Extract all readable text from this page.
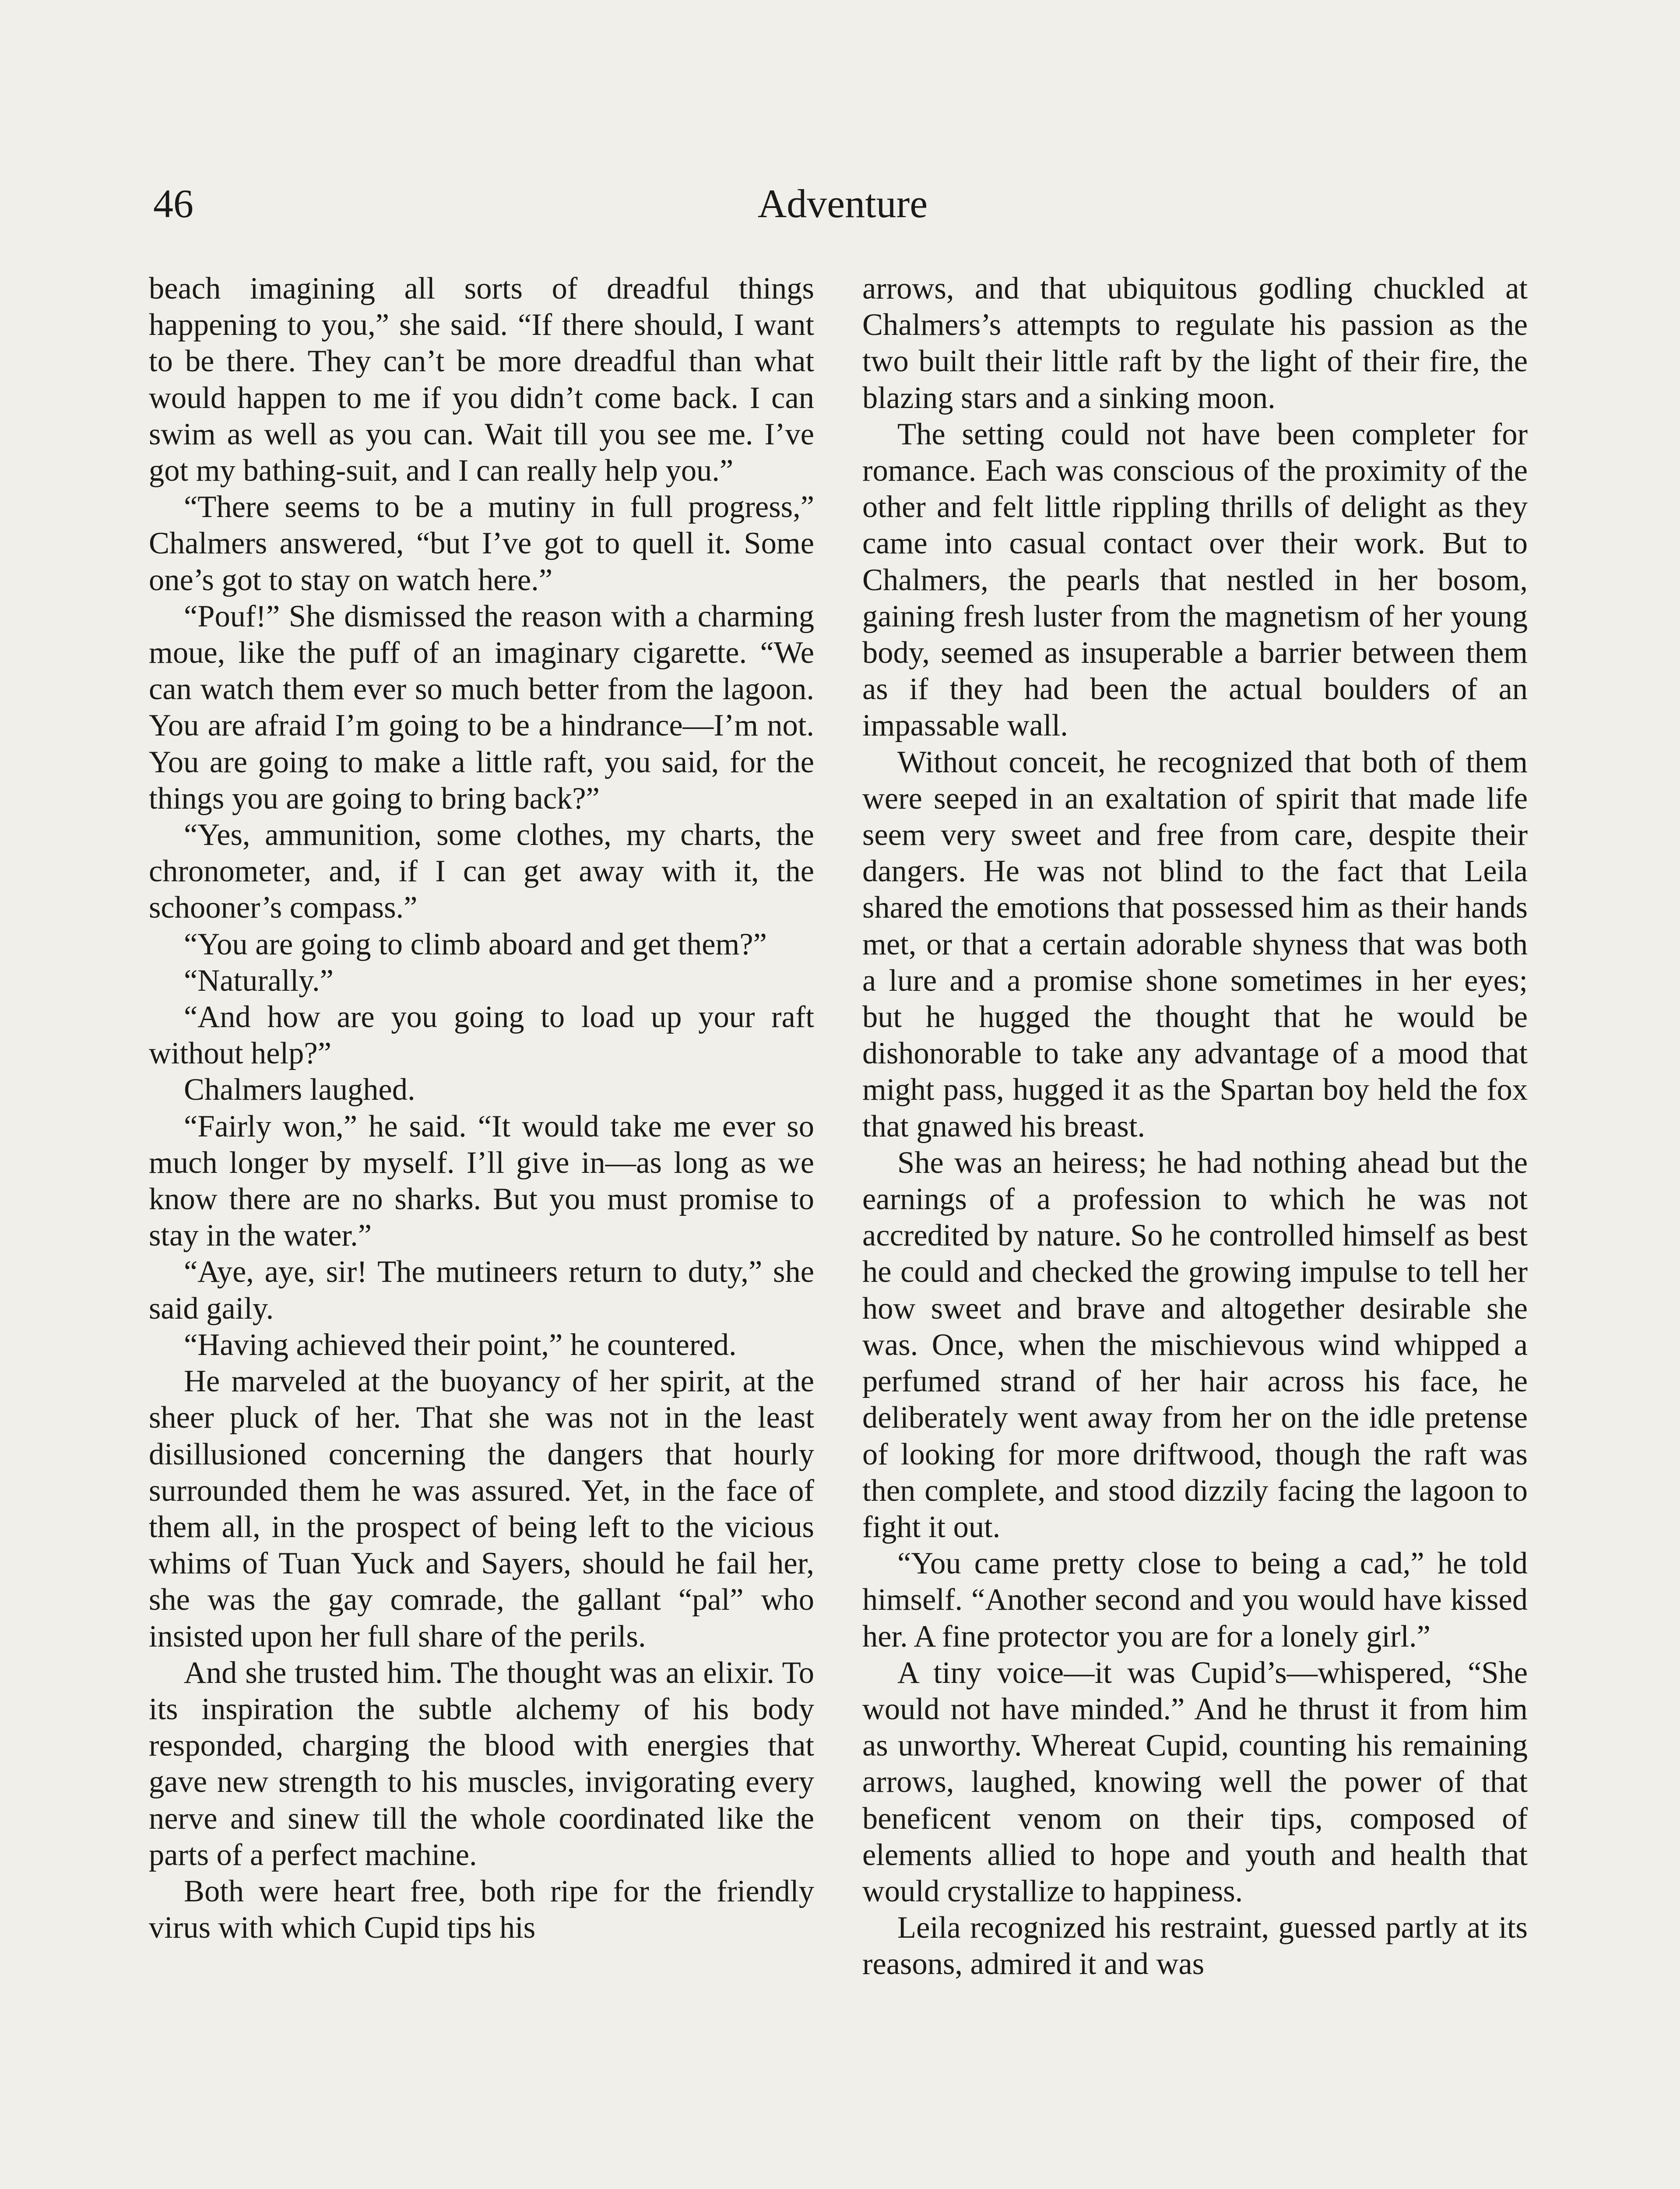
46	Adventure

beach imagining all sorts of dreadful things happening to you,” she said. “If there should, I want to be there. They can’t be more dreadful than what would happen to me if you didn’t come back. I can swim as well as you can. Wait till you see me. I’ve got my bathing-suit, and I can really help you.”

“There seems to be a mutiny in full progress,” Chalmers answered, “but I’ve got to quell it. Some one’s got to stay on watch here.”

“Pouf!” She dismissed the reason with a charming moue, like the puff of an imaginary cigarette. “We can watch them ever so much better from the lagoon. You are afraid I’m going to be a hindrance—I’m not. You are going to make a little raft, you said, for the things you are going to bring back?”

“Yes, ammunition, some clothes, my charts, the chronometer, and, if I can get away with it, the schooner’s compass.”

“You are going to climb aboard and get them?”

“Naturally.”

“And how are you going to load up your raft without help?”

Chalmers laughed.

“Fairly won,” he said. “It would take me ever so much longer by myself. I’ll give in—as long as we know there are no sharks. But you must promise to stay in the water.”

“Aye, aye, sir! The mutineers return to duty,” she said gaily.

“Having achieved their point,” he countered.

He marveled at the buoyancy of her spirit, at the sheer pluck of her. That she was not in the least disillusioned concerning the dangers that hourly surrounded them he was assured. Yet, in the face of them all, in the prospect of being left to the vicious whims of Tuan Yuck and Sayers, should he fail her, she was the gay comrade, the gallant “pal” who insisted upon her full share of the perils.

And she trusted him. The thought was an elixir. To its inspiration the subtle alchemy of his body responded, charging the blood with energies that gave new strength to his muscles, invigorating every nerve and sinew till the whole coordinated like the parts of a perfect machine.

Both were heart free, both ripe for the friendly virus with which Cupid tips his

arrows, and that ubiquitous godling chuckled at Chalmers’s attempts to regulate his passion as the two built their little raft by the light of their fire, the blazing stars and a sinking moon.

The setting could not have been completer for romance. Each was conscious of the proximity of the other and felt little rippling thrills of delight as they came into casual contact over their work. But to Chalmers, the pearls that nestled in her bosom, gaining fresh luster from the magnetism of her young body, seemed as insuperable a barrier between them as if they had been the actual boulders of an impassable wall.

Without conceit, he recognized that both of them were seeped in an exaltation of spirit that made life seem very sweet and free from care, despite their dangers. He was not blind to the fact that Leila shared the emotions that possessed him as their hands met, or that a certain adorable shyness that was both a lure and a promise shone sometimes in her eyes; but he hugged the thought that he would be dishonorable to take any advantage of a mood that might pass, hugged it as the Spartan boy held the fox that gnawed his breast.

She was an heiress; he had nothing ahead but the earnings of a profession to which he was not accredited by nature. So he controlled himself as best he could and checked the growing impulse to tell her how sweet and brave and altogether desirable she was. Once, when the mischievous wind whipped a perfumed strand of her hair across his face, he deliberately went away from her on the idle pretense of looking for more driftwood, though the raft was then complete, and stood dizzily facing the lagoon to fight it out.

“You came pretty close to being a cad,” he told himself. “Another second and you would have kissed her. A fine protector you are for a lonely girl.”

A tiny voice—it was Cupid’s—whispered, “She would not have minded.” And he thrust it from him as unworthy. Whereat Cupid, counting his remaining arrows, laughed, knowing well the power of that beneficent venom on their tips, composed of elements allied to hope and youth and health that would crystallize to happiness.

Leila recognized his restraint, guessed partly at its reasons, admired it and was
